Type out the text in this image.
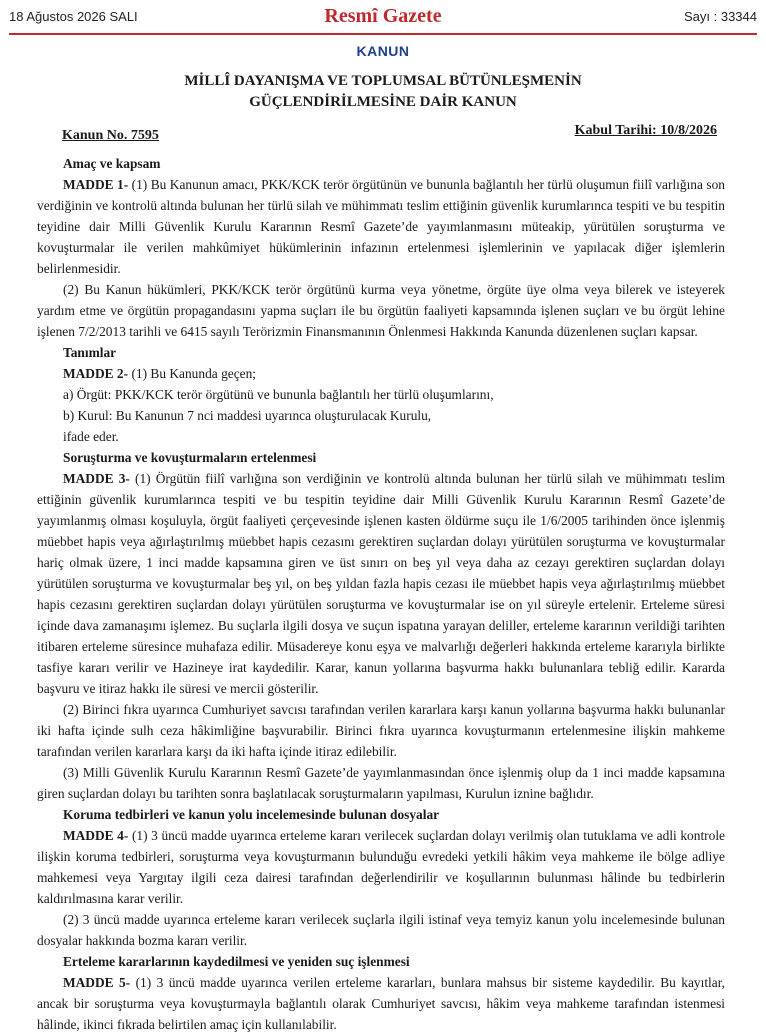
18 Ağustos 2026 SALI	Resmî Gazete	Sayı : 33344
KANUN
MİLLÎ DAYANIŞMA VE TOPLUMSAL BÜTÜNLEŞMENİN
GÜÇLENDİRİLMESİNE DAİR KANUN
Kanun No. 7595	Kabul Tarihi: 10/8/2026

Amaç ve kapsam

MADDE 1- (1) Bu Kanunun amacı, PKK/KCK terör örgütünün ve bununla bağlantılı her türlü oluşumun fiilî varlığına son verdiğinin ve kontrolü altında bulunan her türlü silah ve mühimmatı teslim ettiğinin güvenlik kurumlarınca tespiti ve bu tespitin teyidine dair Milli Güvenlik Kurulu Kararının Resmî Gazete’de yayımlanmasını müteakip, yürütülen soruşturma ve kovuşturmalar ile verilen mahkûmiyet hükümlerinin infazının ertelenmesi işlemlerinin ve yapılacak diğer işlemlerin belirlenmesidir.

(2) Bu Kanun hükümleri, PKK/KCK terör örgütünü kurma veya yönetme, örgüte üye olma veya bilerek ve isteyerek yardım etme ve örgütün propagandasını yapma suçları ile bu örgütün faaliyeti kapsamında işlenen suçları ve bu örgüt lehine işlenen 7/2/2013 tarihli ve 6415 sayılı Terörizmin Finansmanının Önlenmesi Hakkında Kanunda düzenlenen suçları kapsar.

Tanımlar

MADDE 2- (1) Bu Kanunda geçen;

a) Örgüt: PKK/KCK terör örgütünü ve bununla bağlantılı her türlü oluşumlarını,

b) Kurul: Bu Kanunun 7 nci maddesi uyarınca oluşturulacak Kurulu,

ifade eder.

Soruşturma ve kovuşturmaların ertelenmesi

MADDE 3- (1) Örgütün fiilî varlığına son verdiğinin ve kontrolü altında bulunan her türlü silah ve mühimmatı teslim ettiğinin güvenlik kurumlarınca tespiti ve bu tespitin teyidine dair Milli Güvenlik Kurulu Kararının Resmî Gazete’de yayımlanmış olması koşuluyla, örgüt faaliyeti çerçevesinde işlenen kasten öldürme suçu ile 1/6/2005 tarihinden önce işlenmiş müebbet hapis veya ağırlaştırılmış müebbet hapis cezasını gerektiren suçlardan dolayı yürütülen soruşturma ve kovuşturmalar hariç olmak üzere, 1 inci madde kapsamına giren ve üst sınırı on beş yıl veya daha az cezayı gerektiren suçlardan dolayı yürütülen soruşturma ve kovuşturmalar beş yıl, on beş yıldan fazla hapis cezası ile müebbet hapis veya ağırlaştırılmış müebbet hapis cezasını gerektiren suçlardan dolayı yürütülen soruşturma ve kovuşturmalar ise on yıl süreyle ertelenir. Erteleme süresi içinde dava zamanaşımı işlemez. Bu suçlarla ilgili dosya ve suçun ispatına yarayan deliller, erteleme kararının verildiği tarihten itibaren erteleme süresince muhafaza edilir. Müsadereye konu eşya ve malvarlığı değerleri hakkında erteleme kararıyla birlikte tasfiye kararı verilir ve Hazineye irat kaydedilir. Karar, kanun yollarına başvurma hakkı bulunanlara tebliğ edilir. Kararda başvuru ve itiraz hakkı ile süresi ve mercii gösterilir.

(2) Birinci fıkra uyarınca Cumhuriyet savcısı tarafından verilen kararlara karşı kanun yollarına başvurma hakkı bulunanlar iki hafta içinde sulh ceza hâkimliğine başvurabilir. Birinci fıkra uyarınca kovuşturmanın ertelenmesine ilişkin mahkeme tarafından verilen kararlara karşı da iki hafta içinde itiraz edilebilir.

(3) Milli Güvenlik Kurulu Kararının Resmî Gazete’de yayımlanmasından önce işlenmiş olup da 1 inci madde kapsamına giren suçlardan dolayı bu tarihten sonra başlatılacak soruşturmaların yapılması, Kurulun iznine bağlıdır.

Koruma tedbirleri ve kanun yolu incelemesinde bulunan dosyalar

MADDE 4- (1) 3 üncü madde uyarınca erteleme kararı verilecek suçlardan dolayı verilmiş olan tutuklama ve adli kontrole ilişkin koruma tedbirleri, soruşturma veya kovuşturmanın bulunduğu evredeki yetkili hâkim veya mahkeme ile bölge adliye mahkemesi veya Yargıtay ilgili ceza dairesi tarafından değerlendirilir ve koşullarının bulunması hâlinde bu tedbirlerin kaldırılmasına karar verilir.

(2) 3 üncü madde uyarınca erteleme kararı verilecek suçlarla ilgili istinaf veya temyiz kanun yolu incelemesinde bulunan dosyalar hakkında bozma kararı verilir.

Erteleme kararlarının kaydedilmesi ve yeniden suç işlenmesi

MADDE 5- (1) 3 üncü madde uyarınca verilen erteleme kararları, bunlara mahsus bir sisteme kaydedilir. Bu kayıtlar, ancak bir soruşturma veya kovuşturmayla bağlantılı olarak Cumhuriyet savcısı, hâkim veya mahkeme tarafından istenmesi hâlinde, ikinci fıkrada belirtilen amaç için kullanılabilir.
